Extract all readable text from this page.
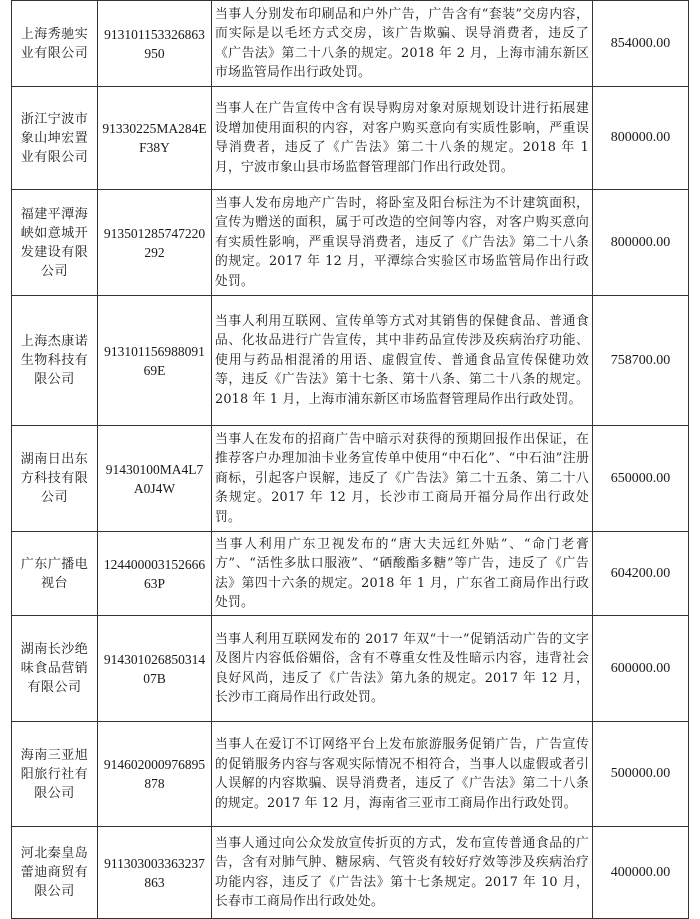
上海秀驰实业有限公司	913101153326863950	当事人分别发布印刷品和户外广告，广告含有“套装”交房内容，而实际是以毛坯方式交房，该广告欺骗、误导消费者，违反了《广告法》第二十八条的规定。2018 年 2 月，上海市浦东新区市场监管局作出行政处罚。	854000.00
浙江宁波市象山坤宏置业有限公司	91330225MA284EF38Y	当事人在广告宣传中含有误导购房对象对原规划设计进行拓展建设增加使用面积的内容，对客户购买意向有实质性影响，严重误导消费者，违反了《广告法》第二十八条的规定。2018 年 1 月，宁波市象山县市场监督管理部门作出行政处罚。	800000.00
福建平潭海峡如意城开发建设有限公司	913501285747220292	当事人发布房地产广告时，将卧室及阳台标注为不计建筑面积，宣传为赠送的面积，属于可改造的空间等内容，对客户购买意向有实质性影响，严重误导消费者，违反了《广告法》第二十八条的规定。2017 年 12 月，平潭综合实验区市场监管局作出行政处罚。	800000.00
上海杰康诺生物科技有限公司	91310115698809169E	当事人利用互联网、宣传单等方式对其销售的保健食品、普通食品、化妆品进行广告宣传，其中非药品宣传涉及疾病治疗功能、使用与药品相混淆的用语、虚假宣传、普通食品宣传保健功效等，违反《广告法》第十七条、第十八条、第二十八条的规定。2018 年 1 月，上海市浦东新区市场监督管理局作出行政处罚。	758700.00
湖南日出东方科技有限公司	91430100MA4L7A0J4W	当事人在发布的招商广告中暗示对获得的预期回报作出保证，在推荐客户办理加油卡业务宣传单中使用“中石化”、“中石油”注册商标，引起客户误解，违反了《广告法》第二十五条、第二十八条规定。2017 年 12 月，长沙市工商局开福分局作出行政处罚。	650000.00
广东广播电视台	12440000315266663P	当事人利用广东卫视发布的“唐大夫远红外贴”、“命门老膏方”、“活性多肽口服液”、“硒酸酯多糖”等广告，违反了《广告法》第四十六条的规定。2018 年 1 月，广东省工商局作出行政处罚。	604200.00
湖南长沙绝味食品营销有限公司	91430102685031407B	当事人利用互联网发布的 2017 年双“十一”促销活动广告的文字及图片内容低俗媚俗，含有不尊重女性及性暗示内容，违背社会良好风尚，违反了《广告法》第九条的规定。2017 年 12 月，长沙市工商局作出行政处罚。	600000.00
海南三亚旭阳旅行社有限公司	914602000976895878	当事人在爱订不订网络平台上发布旅游服务促销广告，广告宣传的促销服务内容与客观实际情况不相符合，当事人以虚假或者引人误解的内容欺骗、误导消费者，违反了《广告法》第二十八条的规定。2017 年 12 月，海南省三亚市工商局作出行政处罚。	500000.00
河北秦皇岛蕾迪商贸有限公司	911303003363237863	当事人通过向公众发放宣传折页的方式，发布宣传普通食品的广告，含有对肺气肿、糖尿病、气管炎有较好疗效等涉及疾病治疗功能内容，违反了《广告法》第十七条规定。2017 年 10 月，长春市工商局作出行政处处。	400000.00
